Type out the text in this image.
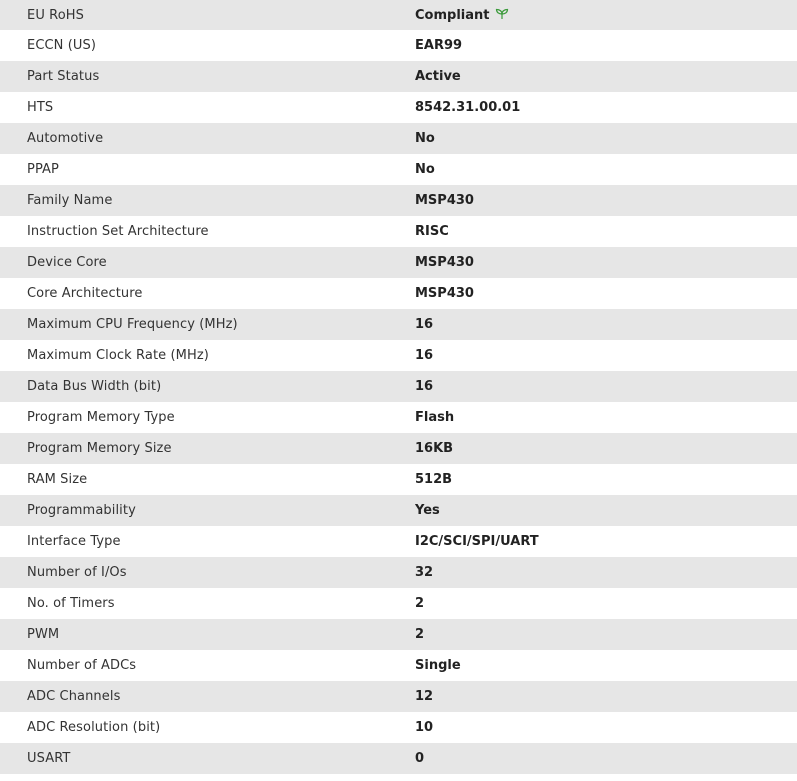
EU RoHS	Compliant
ECCN (US)	EAR99
Part Status	Active
HTS	8542.31.00.01
Automotive	No
PPAP	No
Family Name	MSP430
Instruction Set Architecture	RISC
Device Core	MSP430
Core Architecture	MSP430
Maximum CPU Frequency (MHz)	16
Maximum Clock Rate (MHz)	16
Data Bus Width (bit)	16
Program Memory Type	Flash
Program Memory Size	16KB
RAM Size	512B
Programmability	Yes
Interface Type	I2C/SCI/SPI/UART
Number of I/Os	32
No. of Timers	2
PWM	2
Number of ADCs	Single
ADC Channels	12
ADC Resolution (bit)	10
USART	0
